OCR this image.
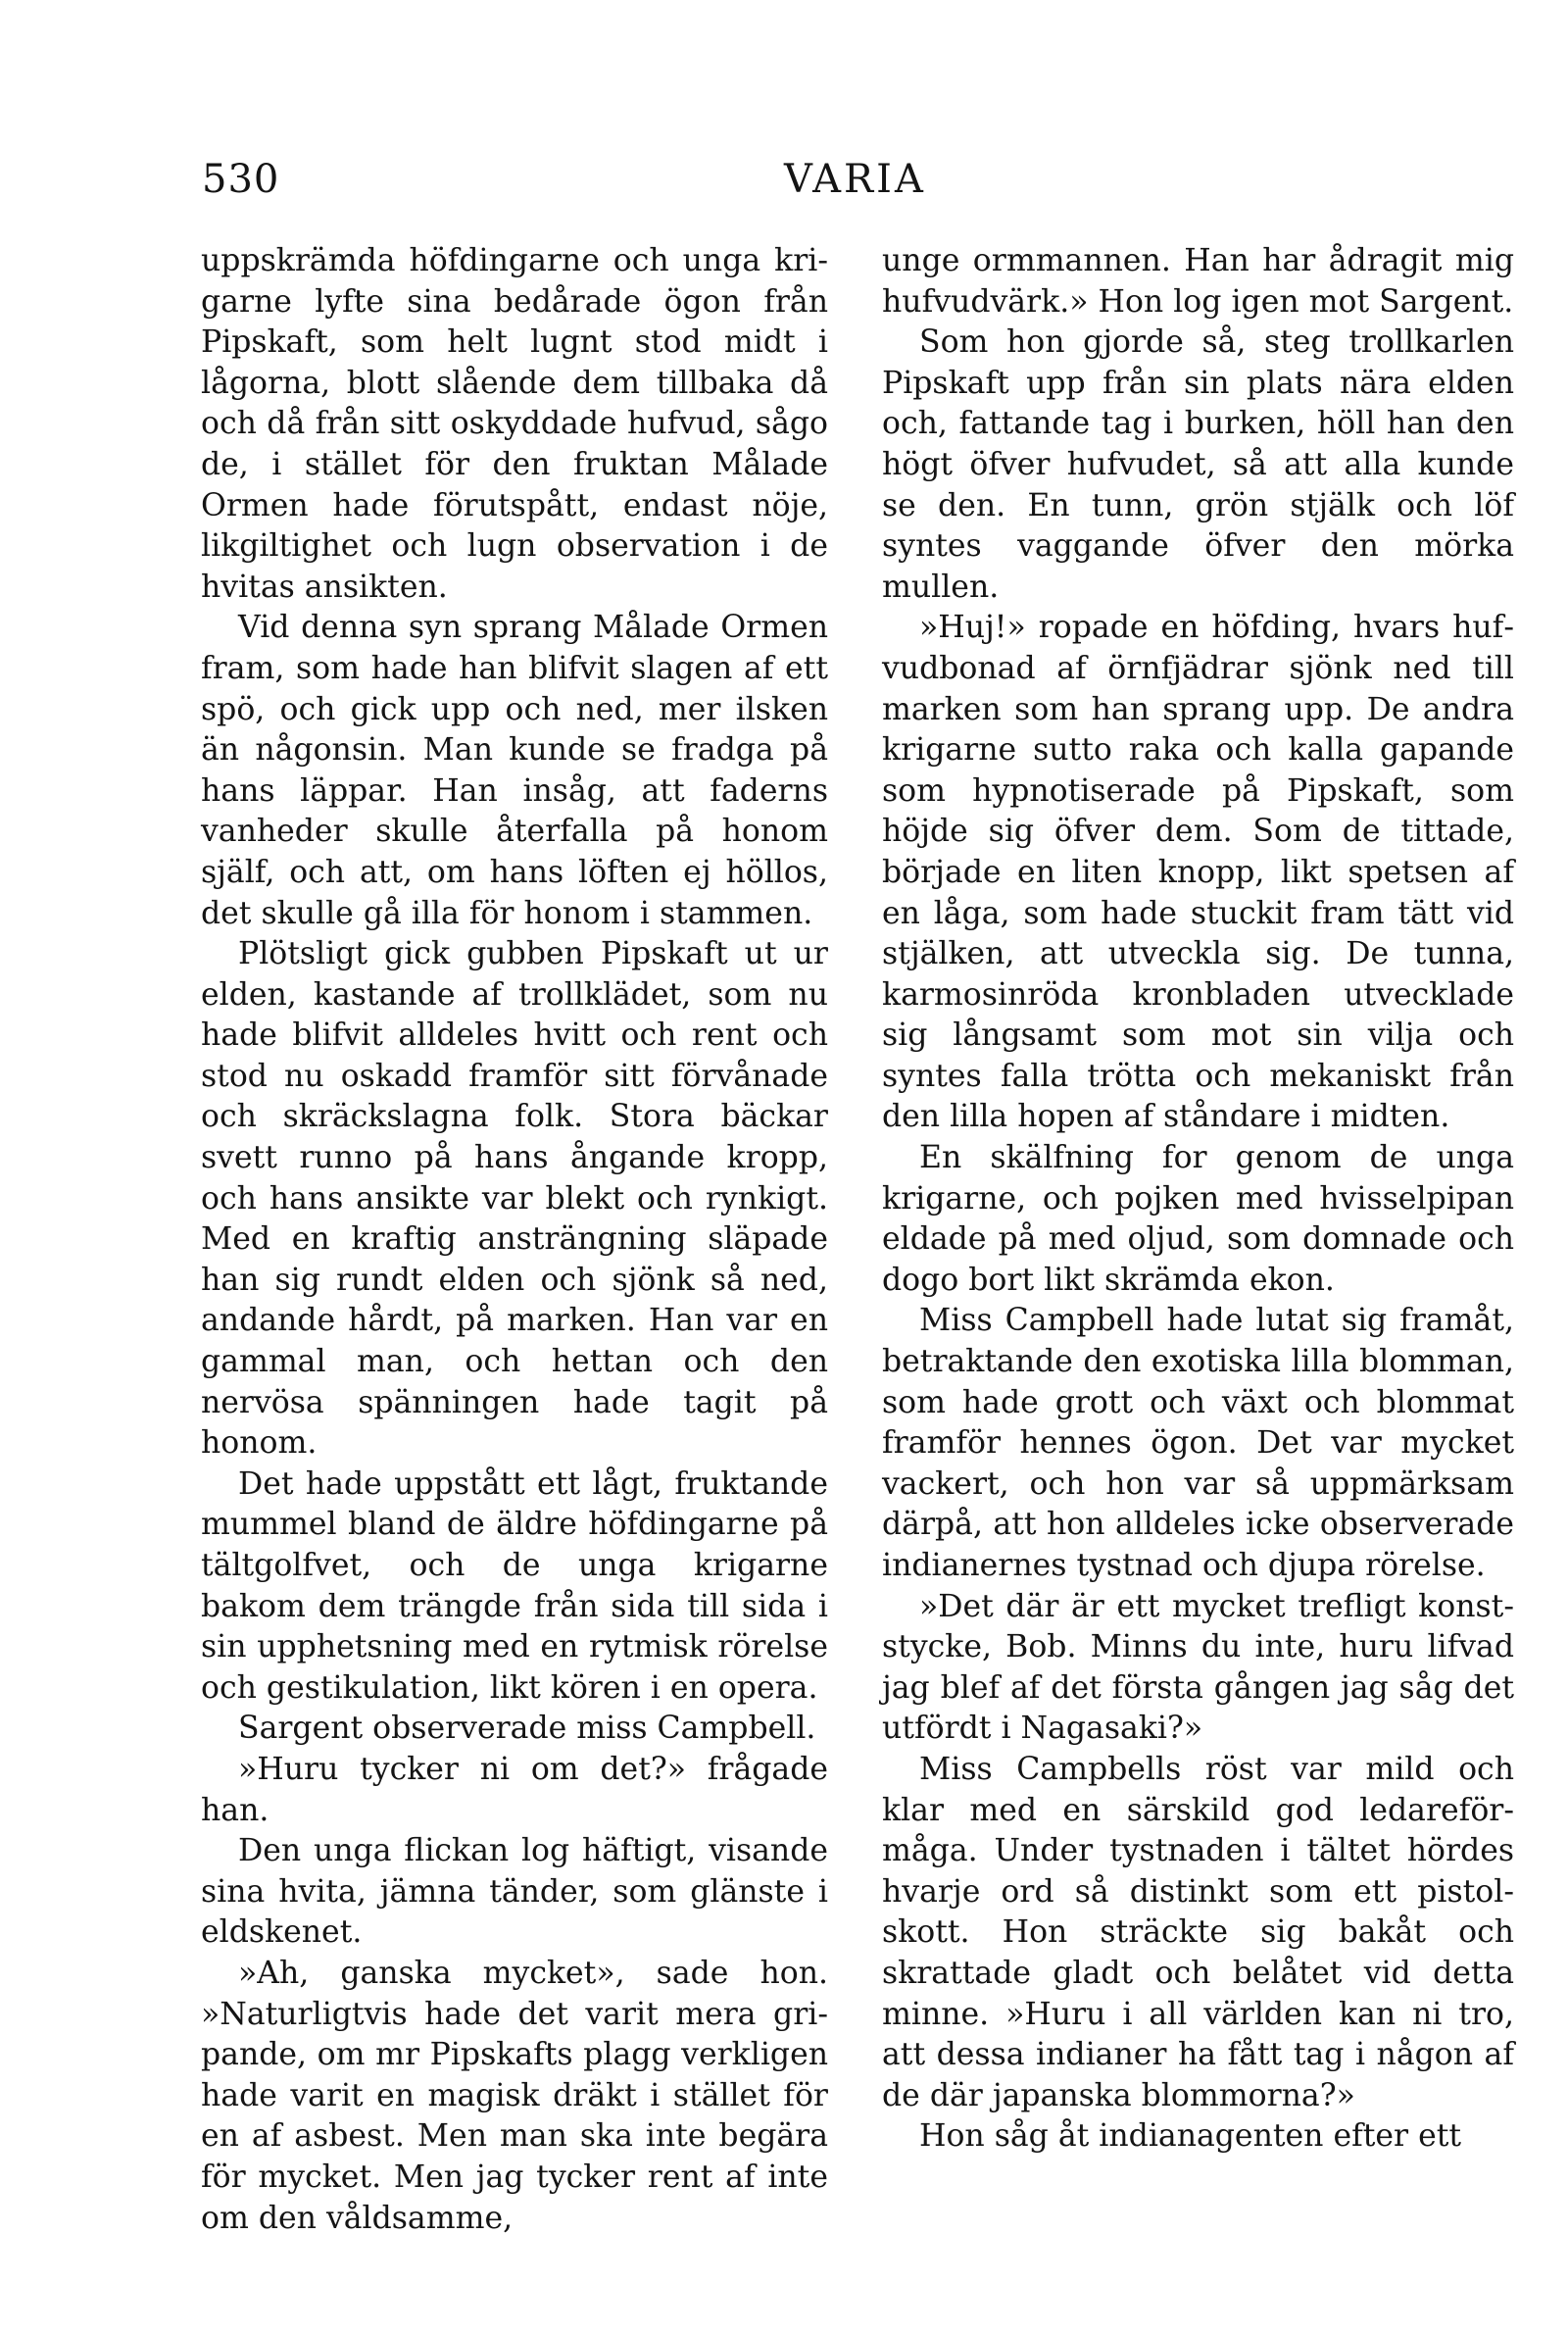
530	VARIA

uppskrämda höfdingarne och unga krigarne lyfte sina bedårade ögon från Pipskaft, som helt lugnt stod midt i lågorna, blott slående dem tillbaka då och då från sitt oskyddade hufvud, sågo de, i stället för den fruktan Målade Ormen hade förutspått, endast nöje, likgiltighet och lugn observation i de hvitas ansikten.

Vid denna syn sprang Målade Ormen fram, som hade han blifvit slagen af ett spö, och gick upp och ned, mer ilsken än någonsin. Man kunde se fradga på hans läppar. Han insåg, att faderns vanheder skulle återfalla på honom själf, och att, om hans löften ej höllos, det skulle gå illa för honom i stammen.

Plötsligt gick gubben Pipskaft ut ur elden, kastande af trollklädet, som nu hade blifvit alldeles hvitt och rent och stod nu oskadd framför sitt förvånade och skräckslagna folk. Stora bäckar svett runno på hans ångande kropp, och hans ansikte var blekt och rynkigt. Med en kraftig ansträngning släpade han sig rundt elden och sjönk så ned, andande hårdt, på marken. Han var en gammal man, och hettan och den nervösa spänningen hade tagit på honom.

Det hade uppstått ett lågt, fruktande mummel bland de äldre höfdingarne på tältgolfvet, och de unga krigarne bakom dem trängde från sida till sida i sin upphetsning med en rytmisk rörelse och gestikulation, likt kören i en opera.

Sargent observerade miss Campbell.

»Huru tycker ni om det?» frågade han.

Den unga flickan log häftigt, visande sina hvita, jämna tänder, som glänste i eldskenet.

»Ah, ganska mycket», sade hon. »Naturligtvis hade det varit mera gripande, om mr Pipskafts plagg verkligen hade varit en magisk dräkt i stället för en af asbest. Men man ska inte begära för mycket. Men jag tycker rent af inte om den våldsamme,

unge ormmannen. Han har ådragit mig hufvudvärk.» Hon log igen mot Sargent.

Som hon gjorde så, steg trollkarlen Pipskaft upp från sin plats nära elden och, fattande tag i burken, höll han den högt öfver hufvudet, så att alla kunde se den. En tunn, grön stjälk och löf syntes vaggande öfver den mörka mullen.

»Huj!» ropade en höfding, hvars hufvudbonad af örnfjädrar sjönk ned till marken som han sprang upp. De andra krigarne sutto raka och kalla gapande som hypnotiserade på Pipskaft, som höjde sig öfver dem. Som de tittade, började en liten knopp, likt spetsen af en låga, som hade stuckit fram tätt vid stjälken, att utveckla sig. De tunna, karmosinröda kronbladen utvecklade sig långsamt som mot sin vilja och syntes falla trötta och mekaniskt från den lilla hopen af ståndare i midten.

En skälfning for genom de unga krigarne, och pojken med hvisselpipan eldade på med oljud, som domnade och dogo bort likt skrämda ekon.

Miss Campbell hade lutat sig framåt, betraktande den exotiska lilla blomman, som hade grott och växt och blommat framför hennes ögon. Det var mycket vackert, och hon var så uppmärksam därpå, att hon alldeles icke observerade indianernes tystnad och djupa rörelse.

»Det där är ett mycket trefligt konststycke, Bob. Minns du inte, huru lifvad jag blef af det första gången jag såg det utfördt i Nagasaki?»

Miss Campbells röst var mild och klar med en särskild god ledareförmåga. Under tystnaden i tältet hördes hvarje ord så distinkt som ett pistolskott. Hon sträckte sig bakåt och skrattade gladt och belåtet vid detta minne. »Huru i all världen kan ni tro, att dessa indianer ha fått tag i någon af de där japanska blommorna?»

Hon såg åt indianagenten efter ett
